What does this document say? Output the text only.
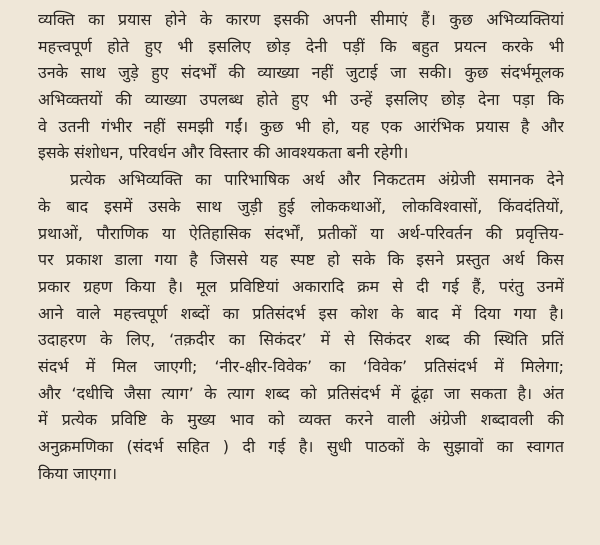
व्यक्ति का प्रयास होने के कारण इसकी अपनी सीमाएं हैं। कुछ अभिव्यक्तियां
महत्त्वपूर्ण होते हुए भी इसलिए छोड़ देनी पड़ीं कि बहुत प्रयत्न करके भी
उनके साथ जुड़े हुए संदर्भों की व्याख्या नहीं जुटाई जा सकी। कुछ संदर्भमूलक
अभिव्क्तयों की व्याख्या उपलब्ध होते हुए भी उन्हें इसलिए छोड़ देना पड़ा कि
वे उतनी गंभीर नहीं समझी गईं। कुछ भी हो, यह एक आरंभिक प्रयास है और
इसके संशोधन, परिवर्धन और विस्तार की आवश्यकता बनी रहेगी।
प्रत्येक अभिव्यक्ति का पारिभाषिक अर्थ और निकटतम अंग्रेजी समानक देने
के बाद इसमें उसके साथ जुड़ी हुई लोककथाओं, लोकविश्वासों, किंवदंतियों,
प्रथाओं, पौराणिक या ऐतिहासिक संदर्भों, प्रतीकों या अर्थ-परिवर्तन की प्रवृत्तिय-
पर प्रकाश डाला गया है जिससे यह स्पष्ट हो सके कि इसने प्रस्तुत अर्थ किस
प्रकार ग्रहण किया है। मूल प्रविष्टियां अकारादि क्रम से दी गई हैं, परंतु उनमें
आने वाले महत्त्वपूर्ण शब्दों का प्रतिसंदर्भ इस कोश के बाद में दिया गया है।
उदाहरण के लिए, ‘तक़दीर का सिकंदर’ में से सिकंदर शब्द की स्थिति प्रतिं
संदर्भ में मिल जाएगी; ‘नीर-क्षीर-विवेक’ का ‘विवेक’ प्रतिसंदर्भ में मिलेगा;
और ‘दधीचि जैसा त्याग’ के त्याग शब्द को प्रतिसंदर्भ में ढूंढ़ा जा सकता है। अंत
में प्रत्येक प्रविष्टि के मुख्य भाव को व्यक्त करने वाली अंग्रेजी शब्दावली की
अनुक्रमणिका (संदर्भ सहित ) दी गई है। सुधी पाठकों के सुझावों का स्वागत
किया जाएगा।
